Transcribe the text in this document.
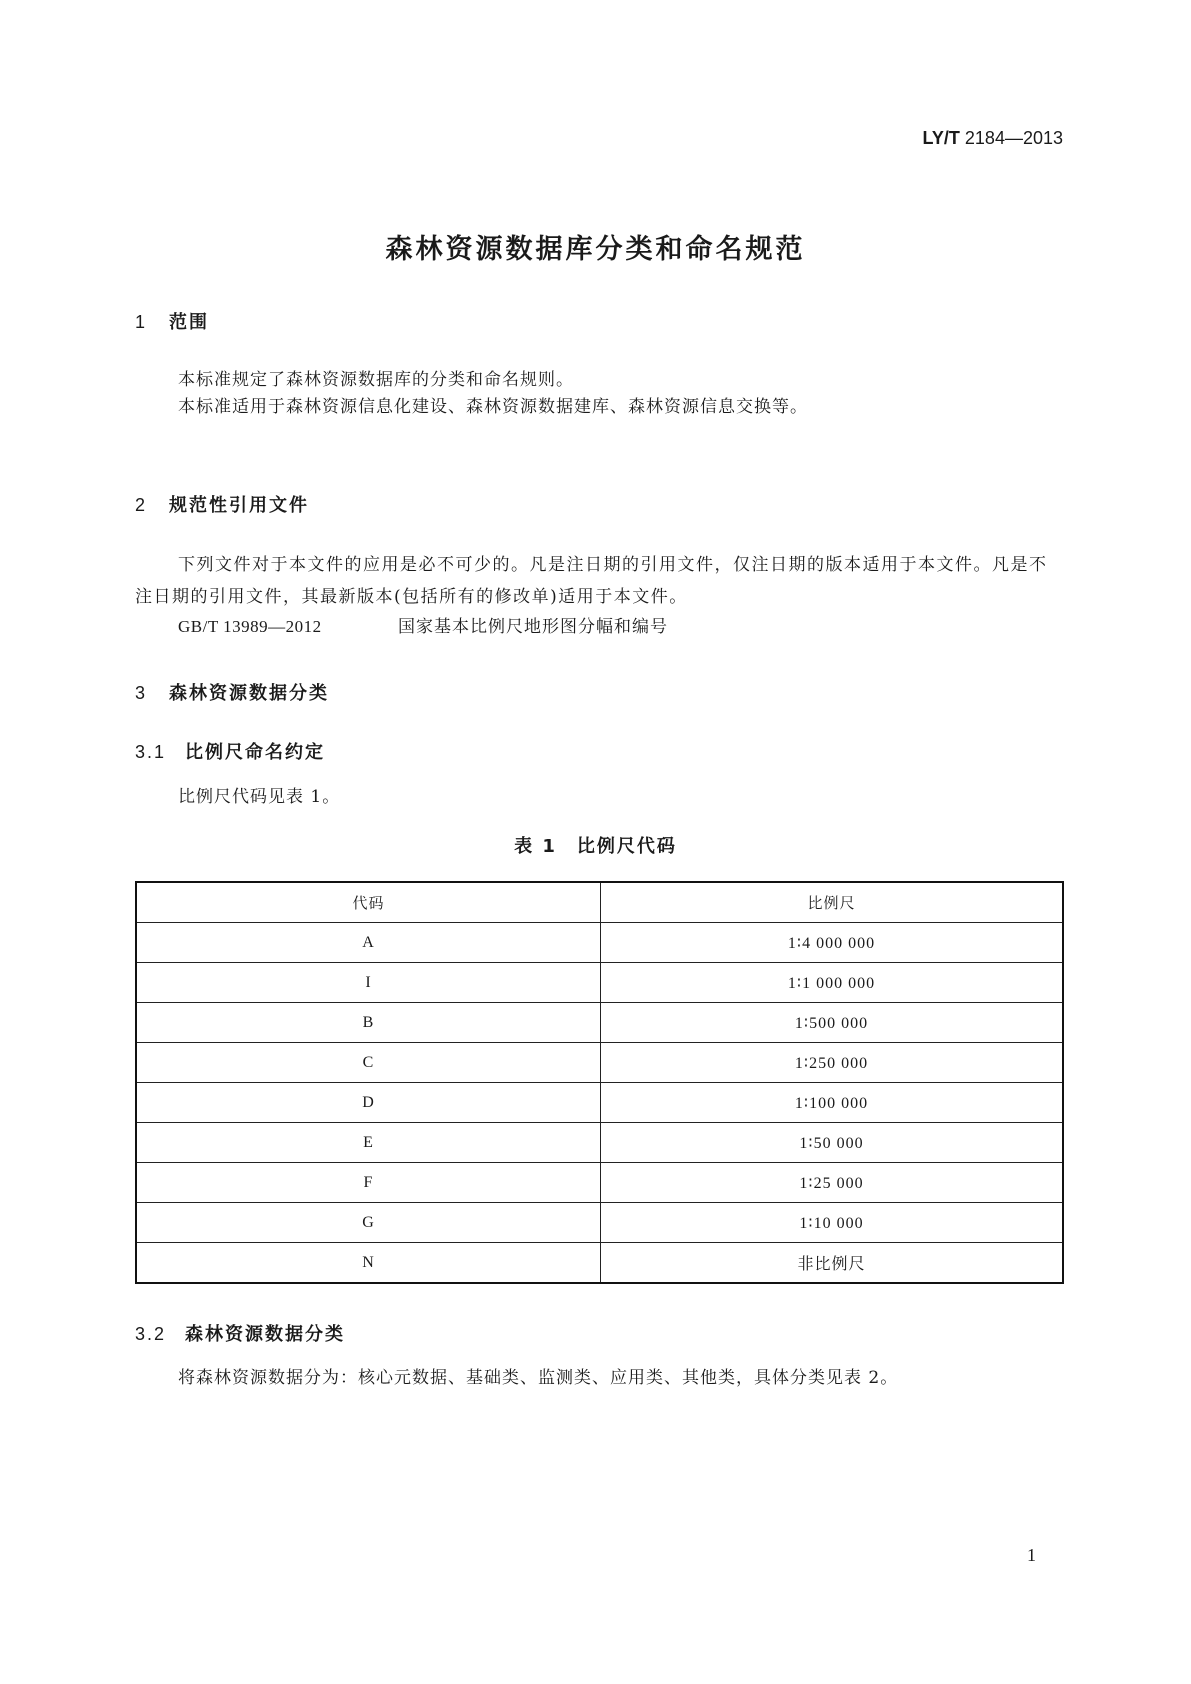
LY/T 2184—2013
森林资源数据库分类和命名规范
1 范围
本标准规定了森林资源数据库的分类和命名规则。
本标准适用于森林资源信息化建设、森林资源数据建库、森林资源信息交换等。
2 规范性引用文件
下列文件对于本文件的应用是必不可少的。凡是注日期的引用文件，仅注日期的版本适用于本文件。凡是不注日期的引用文件，其最新版本(包括所有的修改单)适用于本文件。
GB/T 13989—2012	国家基本比例尺地形图分幅和编号
3 森林资源数据分类
3.1 比例尺命名约定
比例尺代码见表 1。
表 1　比例尺代码
代码	比例尺
A	1∶4 000 000
I	1∶1 000 000
B	1∶500 000
C	1∶250 000
D	1∶100 000
E	1∶50 000
F	1∶25 000
G	1∶10 000
N	非比例尺
3.2 森林资源数据分类
将森林资源数据分为：核心元数据、基础类、监测类、应用类、其他类，具体分类见表 2。
1
